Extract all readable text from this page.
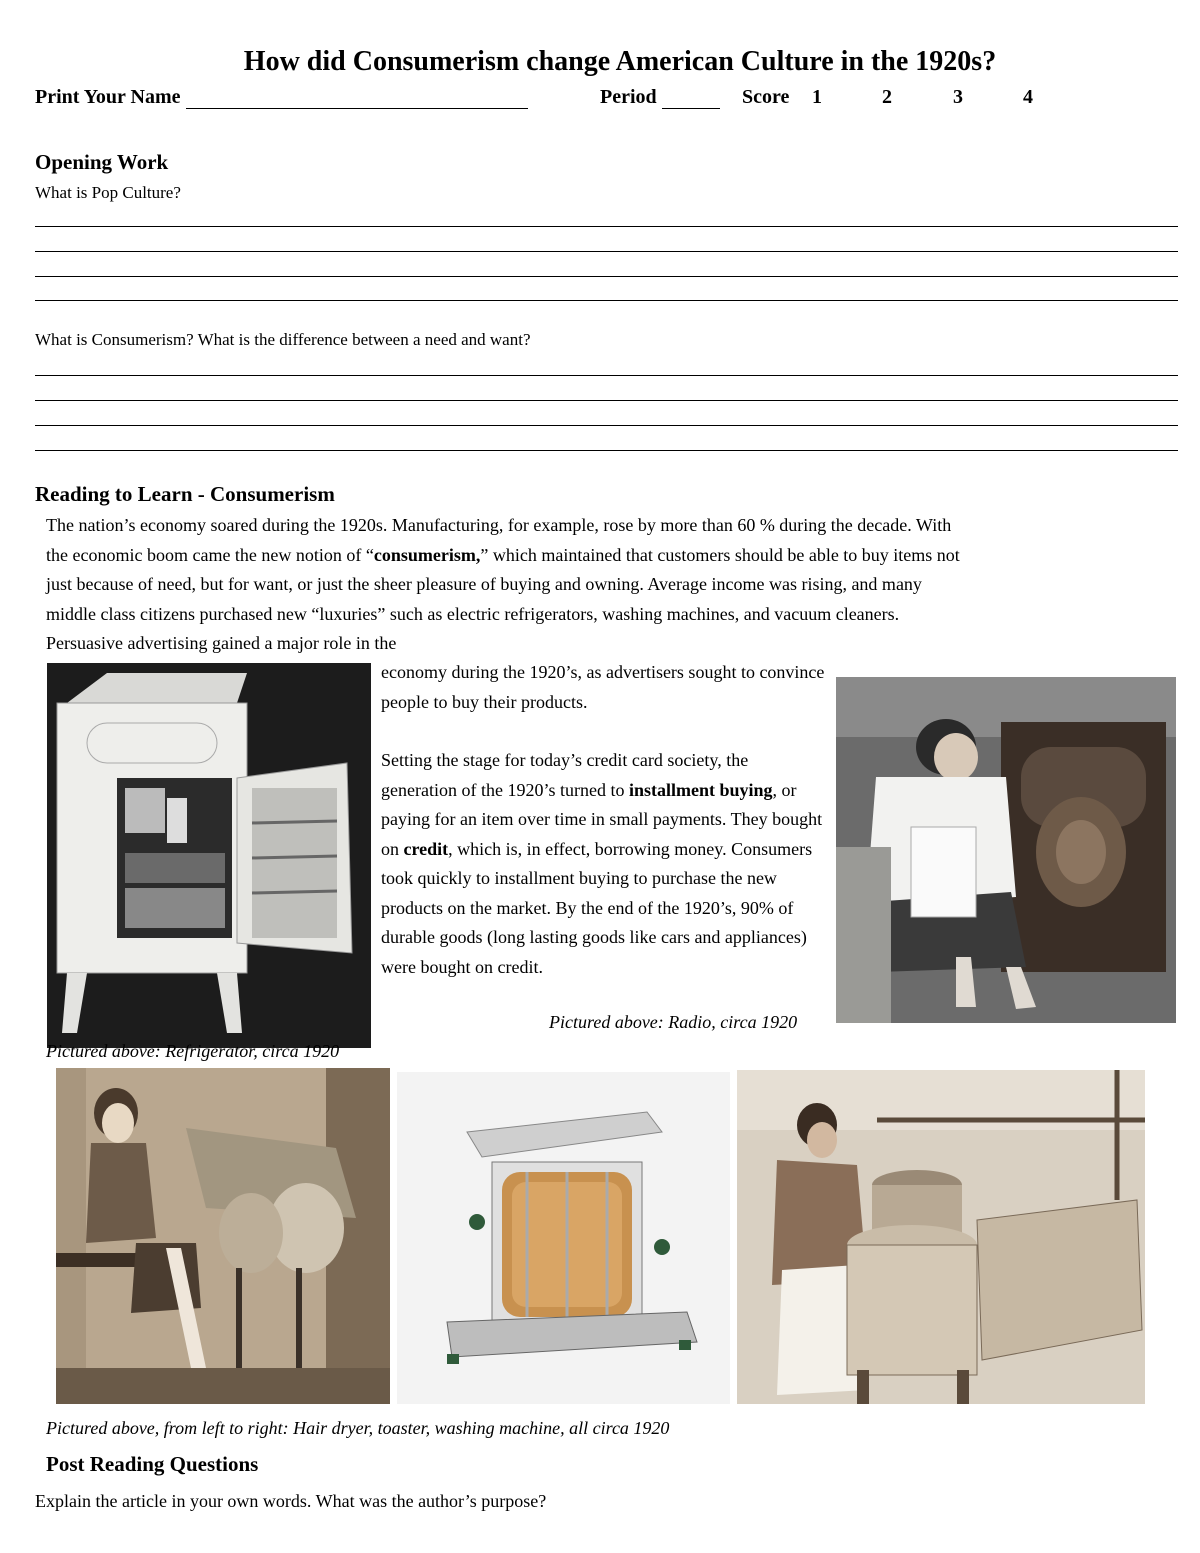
How did Consumerism change American Culture in the 1920s?
Print Your Name	Period	Score 1	2	3	4
Opening Work
What is Pop Culture?
What is Consumerism? What is the difference between a need and want?
Reading to Learn - Consumerism
The nation’s economy soared during the 1920s. Manufacturing, for example, rose by more than 60 % during the decade. With
the economic boom came the new notion of “consumerism,” which maintained that customers should be able to buy items not
just because of need, but for want, or just the sheer pleasure of buying and owning. Average income was rising, and many
middle class citizens purchased new “luxuries” such as electric refrigerators, washing machines, and vacuum cleaners.
Persuasive advertising gained a major role in the
economy during the 1920’s, as advertisers sought to convince people to buy their products.
Setting the stage for today’s credit card society, the generation of the 1920’s turned to installment buying, or paying for an item over time in small payments. They bought on credit, which is, in effect, borrowing money. Consumers took quickly to installment buying to purchase the new products on the market. By the end of the 1920’s, 90% of durable goods (long lasting goods like cars and appliances) were bought on credit.
Pictured above: Radio, circa 1920
Pictured above: Refrigerator, circa 1920
Pictured above, from left to right: Hair dryer, toaster, washing machine, all circa 1920
Post Reading Questions
Explain the article in your own words. What was the author’s purpose?
